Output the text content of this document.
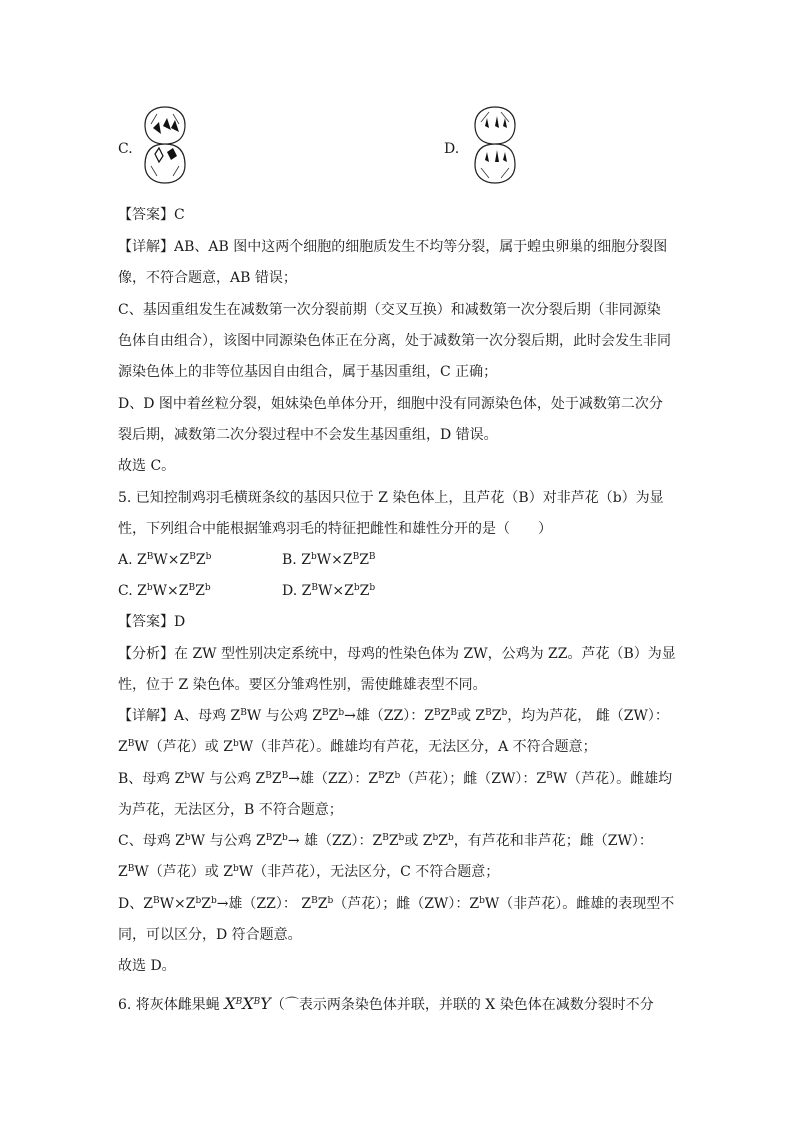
C.	D.
【答案】C
【详解】AB、AB 图中这两个细胞的细胞质发生不均等分裂，属于蝗虫卵巢的细胞分裂图
像，不符合题意，AB 错误；
C、基因重组发生在减数第一次分裂前期（交叉互换）和减数第一次分裂后期（非同源染
色体自由组合），该图中同源染色体正在分离，处于减数第一次分裂后期，此时会发生非同
源染色体上的非等位基因自由组合，属于基因重组，C 正确；
D、D 图中着丝粒分裂，姐妹染色单体分开，细胞中没有同源染色体，处于减数第二次分
裂后期，减数第二次分裂过程中不会发生基因重组，D 错误。
故选 C。
5. 已知控制鸡羽毛横斑条纹的基因只位于 Z 染色体上，且芦花（B）对非芦花（b）为显
性，下列组合中能根据雏鸡羽毛的特征把雌性和雄性分开的是（　　）
A. $Z^BW\times Z^BZ^b$	B. $Z^bW\times Z^BZ^B$
C. $Z^bW\times Z^BZ^b$	D. $Z^BW\times Z^bZ^b$
【答案】D
【分析】在 ZW 型性别决定系统中，母鸡的性染色体为 ZW，公鸡为 ZZ。芦花（B）为显
性，位于 Z 染色体。要区分雏鸡性别，需使雌雄表型不同。
【详解】A、母鸡 $Z^BW$ 与公鸡 $Z^BZ^b\to$雄（ZZ）：$Z^BZ^B$或 $Z^BZ^b$，均为芦花， 雌（ZW）：
$Z^BW$（芦花）或 $Z^bW$（非芦花）。雌雄均有芦花，无法区分，A 不符合题意；
B、母鸡 $Z^bW$ 与公鸡 $Z^BZ^B\to$雄（ZZ）：$Z^BZ^b$（芦花）；雌（ZW）：$Z^BW$（芦花）。雌雄均
为芦花，无法区分，B 不符合题意；
C、母鸡 $Z^bW$ 与公鸡 $Z^BZ^b\to$ 雄（ZZ）：$Z^BZ^b$或 $Z^bZ^b$，有芦花和非芦花；雌（ZW）：
$Z^BW$（芦花）或 $Z^bW$（非芦花），无法区分，C 不符合题意；
D、$Z^BW\times Z^bZ^b\to$雄（ZZ）： $Z^BZ^b$（芦花）；雌（ZW）：$Z^bW$（非芦花）。雌雄的表现型不
同，可以区分，D 符合题意。
故选 D。
6. 将灰体雌果蝇 $X^BX^BY(⌒$表示两条染色体并联，并联的 X 染色体在减数分裂时不分
